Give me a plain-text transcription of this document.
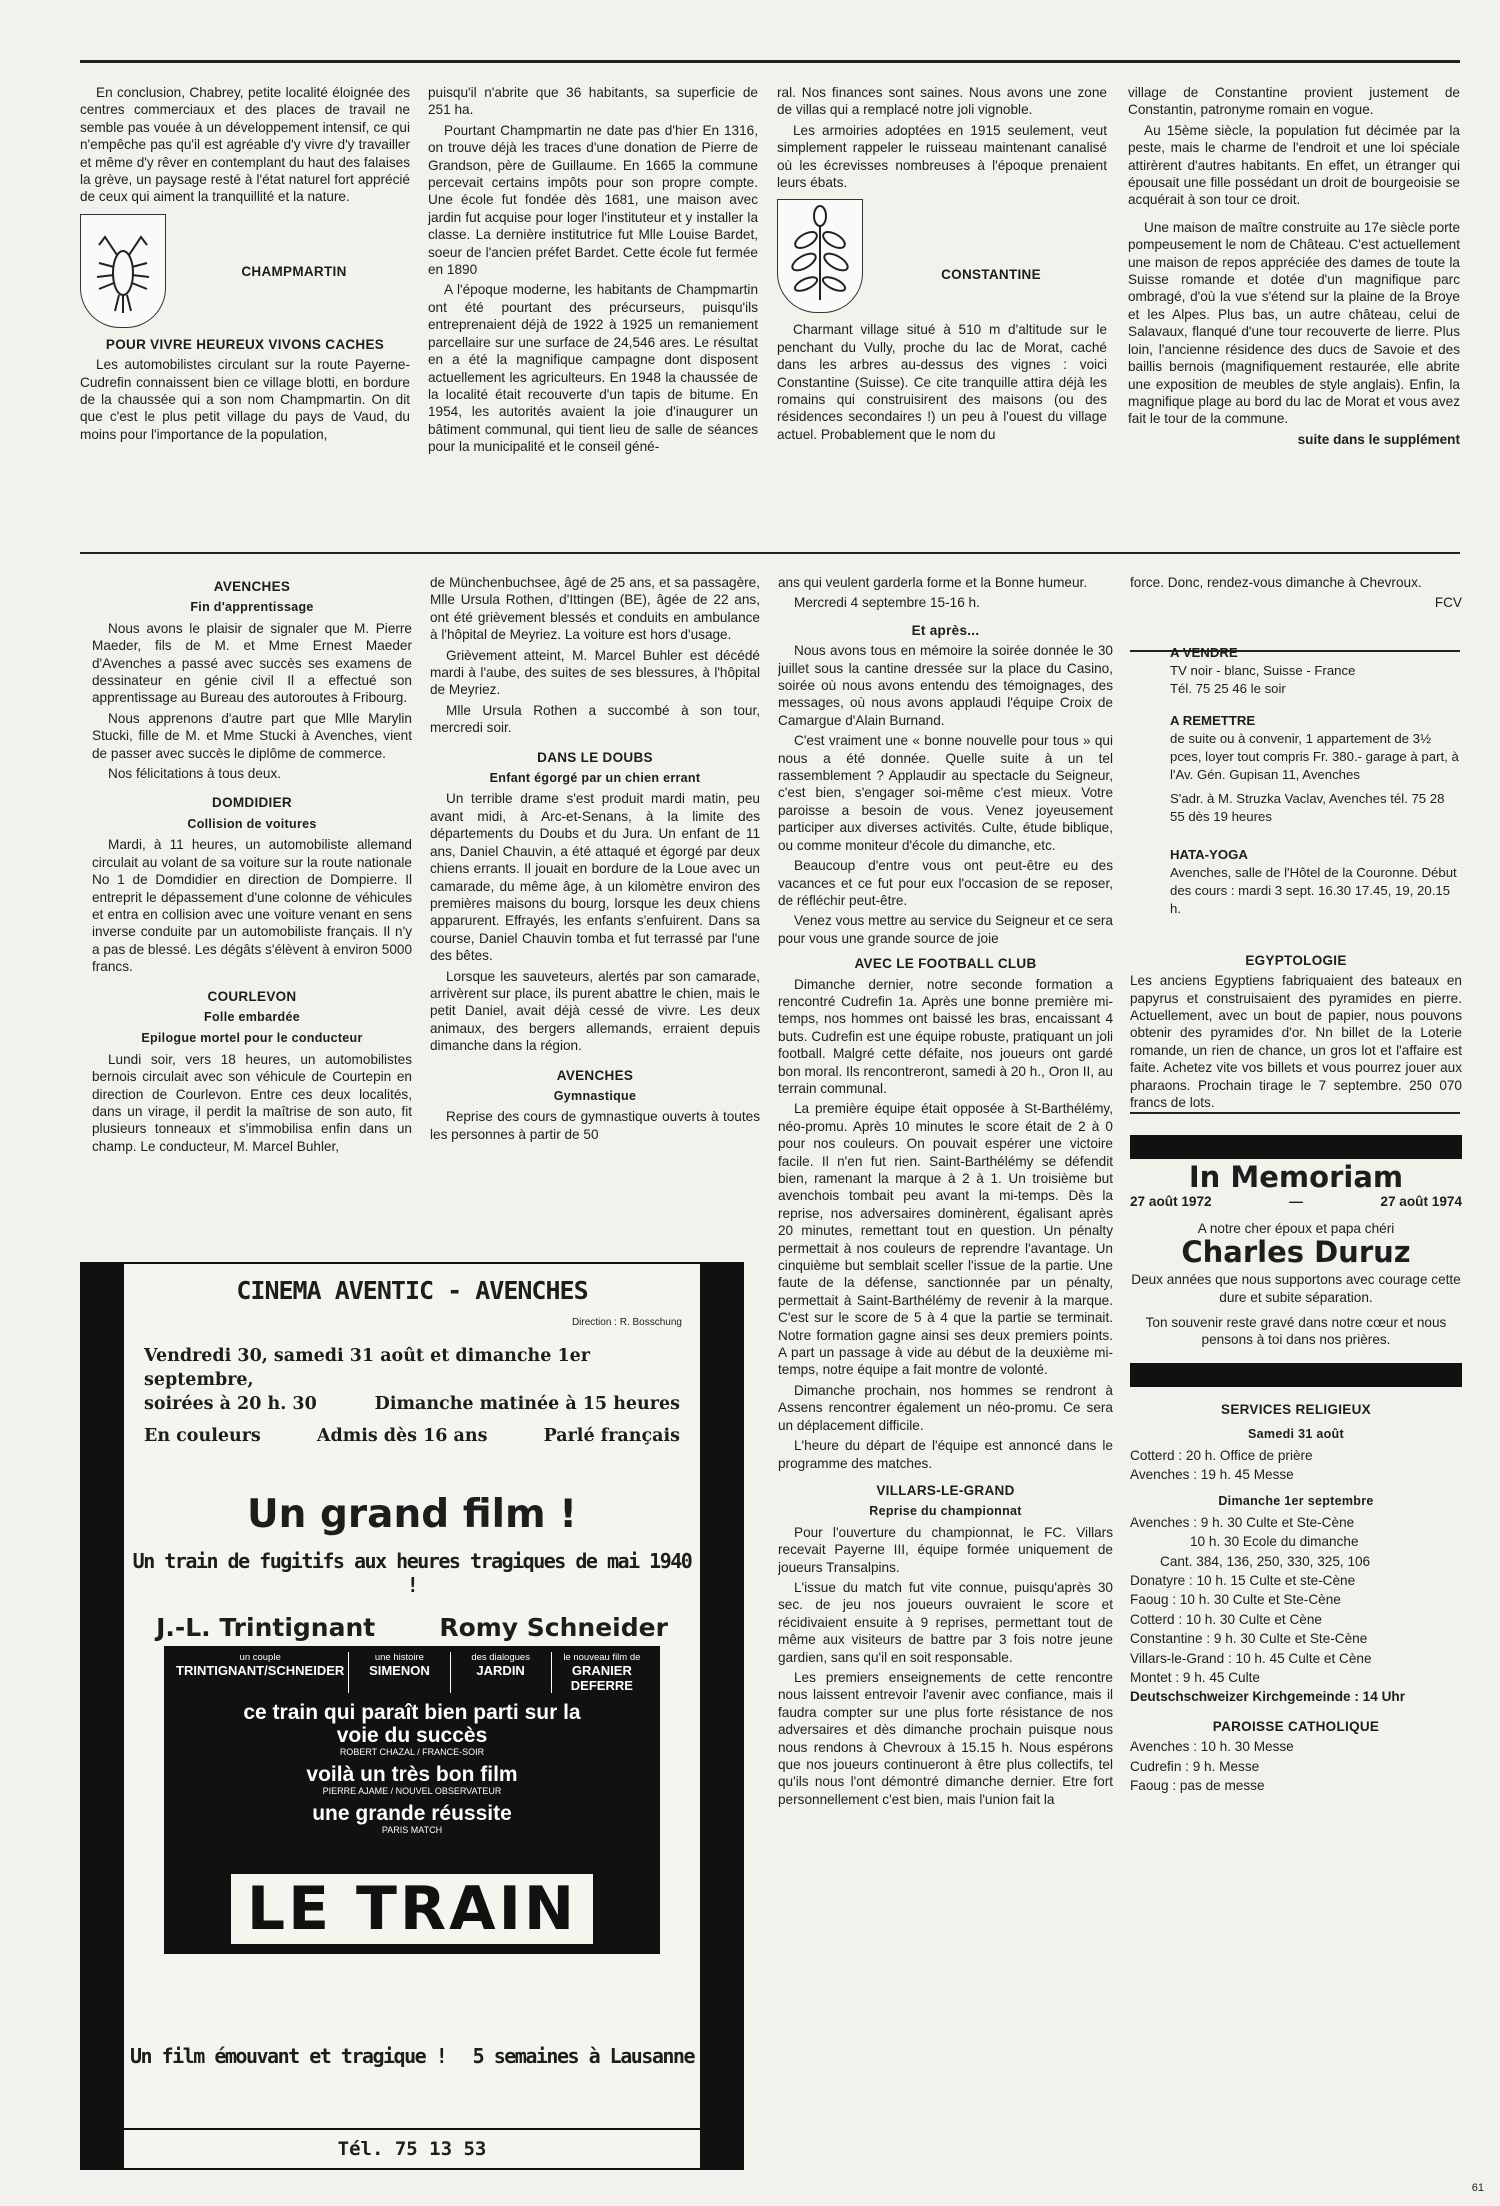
En conclusion, Chabrey, petite localité éloignée des centres commerciaux et des places de travail ne semble pas vouée à un développement intensif, ce qui n'empêche pas qu'il est agréable d'y vivre d'y travailler et même d'y rêver en contemplant du haut des falaises la grève, un paysage resté à l'état naturel fort apprécié de ceux qui aiment la tranquillité et la nature.

CHAMPMARTIN
POUR VIVRE HEUREUX VIVONS CACHES

Les automobilistes circulant sur la route Payerne-Cudrefin connaissent bien ce village blotti, en bordure de la chaussée qui a son nom Champmartin. On dit que c'est le plus petit village du pays de Vaud, du moins pour l'importance de la population,

puisqu'il n'abrite que 36 habitants, sa superficie de 251 ha.

Pourtant Champmartin ne date pas d'hier En 1316, on trouve déjà les traces d'une donation de Pierre de Grandson, père de Guillaume. En 1665 la commune percevait certains impôts pour son propre compte. Une école fut fondée dès 1681, une maison avec jardin fut acquise pour loger l'instituteur et y installer la classe. La dernière institutrice fut Mlle Louise Bardet, soeur de l'ancien préfet Bardet. Cette école fut fermée en 1890

A l'époque moderne, les habitants de Champmartin ont été pourtant des précurseurs, puisqu'ils entreprenaient déjà de 1922 à 1925 un remaniement parcellaire sur une surface de 24,546 ares. Le résultat en a été la magnifique campagne dont disposent actuellement les agriculteurs. En 1948 la chaussée de la localité était recouverte d'un tapis de bitume. En 1954, les autorités avaient la joie d'inaugurer un bâtiment communal, qui tient lieu de salle de séances pour la municipalité et le conseil géné-

ral. Nos finances sont saines. Nous avons une zone de villas qui a remplacé notre joli vignoble.

Les armoiries adoptées en 1915 seulement, veut simplement rappeler le ruisseau maintenant canalisé où les écrevisses nombreuses à l'époque prenaient leurs ébats.

CONSTANTINE

Charmant village situé à 510 m d'altitude sur le penchant du Vully, proche du lac de Morat, caché dans les arbres au-dessus des vignes : voici Constantine (Suisse). Ce cite tranquille attira déjà les romains qui construisirent des maisons (ou des résidences secondaires !) un peu à l'ouest du village actuel. Probablement que le nom du

village de Constantine provient justement de Constantin, patronyme romain en vogue.

Au 15ème siècle, la population fut décimée par la peste, mais le charme de l'endroit et une loi spéciale attirèrent d'autres habitants. En effet, un étranger qui épousait une fille possédant un droit de bourgeoisie se acquérait à son tour ce droit.

Une maison de maître construite au 17e siècle porte pompeusement le nom de Château. C'est actuellement une maison de repos appréciée des dames de toute la Suisse romande et dotée d'un magnifique parc ombragé, d'où la vue s'étend sur la plaine de la Broye et les Alpes. Plus bas, un autre château, celui de Salavaux, flanqué d'une tour recouverte de lierre. Plus loin, l'ancienne résidence des ducs de Savoie et des baillis bernois (magnifiquement restaurée, elle abrite une exposition de meubles de style anglais). Enfin, la magnifique plage au bord du lac de Morat et vous avez fait le tour de la commune.

suite dans le supplément
AVENCHES
Fin d'apprentissage

Nous avons le plaisir de signaler que M. Pierre Maeder, fils de M. et Mme Ernest Maeder d'Avenches a passé avec succès ses examens de dessinateur en génie civil Il a effectué son apprentissage au Bureau des autoroutes à Fribourg.

Nous apprenons d'autre part que Mlle Marylin Stucki, fille de M. et Mme Stucki à Avenches, vient de passer avec succès le diplôme de commerce.

Nos félicitations à tous deux.

DOMDIDIER
Collision de voitures

Mardi, à 11 heures, un automobiliste allemand circulait au volant de sa voiture sur la route nationale No 1 de Domdidier en direction de Dompierre. Il entreprit le dépassement d'une colonne de véhicules et entra en collision avec une voiture venant en sens inverse conduite par un automobiliste français. Il n'y a pas de blessé. Les dégâts s'élèvent à environ 5000 francs.

COURLEVON
Folle embardée
Epilogue mortel pour le conducteur

Lundi soir, vers 18 heures, un automobilistes bernois circulait avec son véhicule de Courtepin en direction de Courlevon. Entre ces deux localités, dans un virage, il perdit la maîtrise de son auto, fit plusieurs tonneaux et s'immobilisa enfin dans un champ. Le conducteur, M. Marcel Buhler,

de Münchenbuchsee, âgé de 25 ans, et sa passagère, Mlle Ursula Rothen, d'Ittingen (BE), âgée de 22 ans, ont été grièvement blessés et conduits en ambulance à l'hôpital de Meyriez. La voiture est hors d'usage.

Grièvement atteint, M. Marcel Buhler est décédé mardi à l'aube, des suites de ses blessures, à l'hôpital de Meyriez.

Mlle Ursula Rothen a succombé à son tour, mercredi soir.

DANS LE DOUBS
Enfant égorgé par un chien errant

Un terrible drame s'est produit mardi matin, peu avant midi, à Arc-et-Senans, à la limite des départements du Doubs et du Jura. Un enfant de 11 ans, Daniel Chauvin, a été attaqué et égorgé par deux chiens errants. Il jouait en bordure de la Loue avec un camarade, du même âge, à un kilomètre environ des premières maisons du bourg, lorsque les deux chiens apparurent. Effrayés, les enfants s'enfuirent. Dans sa course, Daniel Chauvin tomba et fut terrassé par l'une des bêtes.

Lorsque les sauveteurs, alertés par son camarade, arrivèrent sur place, ils purent abattre le chien, mais le petit Daniel, avait déjà cessé de vivre. Les deux animaux, des bergers allemands, erraient depuis dimanche dans la région.

AVENCHES
Gymnastique

Reprise des cours de gymnastique ouverts à toutes les personnes à partir de 50

ans qui veulent garderla forme et la Bonne humeur.

Mercredi 4 septembre 15-16 h.

Et après...

Nous avons tous en mémoire la soirée donnée le 30 juillet sous la cantine dressée sur la place du Casino, soirée où nous avons entendu des témoignages, des messages, où nous avons applaudi l'équipe Croix de Camargue d'Alain Burnand.

C'est vraiment une « bonne nouvelle pour tous » qui nous a été donnée. Quelle suite à un tel rassemblement ? Applaudir au spectacle du Seigneur, c'est bien, s'engager soi-même c'est mieux. Votre paroisse a besoin de vous. Venez joyeusement participer aux diverses activités. Culte, étude biblique, ou comme moniteur d'école du dimanche, etc.

Beaucoup d'entre vous ont peut-être eu des vacances et ce fut pour eux l'occasion de se reposer, de réfléchir peut-être.

Venez vous mettre au service du Seigneur et ce sera pour vous une grande source de joie

AVEC LE FOOTBALL CLUB

Dimanche dernier, notre seconde formation a rencontré Cudrefin 1a. Après une bonne première mi-temps, nos hommes ont baissé les bras, encaissant 4 buts. Cudrefin est une équipe robuste, pratiquant un joli football. Malgré cette défaite, nos joueurs ont gardé bon moral. Ils rencontreront, samedi à 20 h., Oron II, au terrain communal.

La première équipe était opposée à St-Barthélémy, néo-promu. Après 10 minutes le score était de 2 à 0 pour nos couleurs. On pouvait espérer une victoire facile. Il n'en fut rien. Saint-Barthélémy se défendit bien, ramenant la marque à 2 à 1. Un troisième but avenchois tombait peu avant la mi-temps. Dès la reprise, nos adversaires dominèrent, égalisant après 20 minutes, remettant tout en question. Un pénalty permettait à nos couleurs de reprendre l'avantage. Un cinquième but semblait sceller l'issue de la partie. Une faute de la défense, sanctionnée par un pénalty, permettait à Saint-Barthélémy de revenir à la marque. C'est sur le score de 5 à 4 que la partie se terminait. Notre formation gagne ainsi ses deux premiers points. A part un passage à vide au début de la deuxième mi-temps, notre équipe a fait montre de volonté.

Dimanche prochain, nos hommes se rendront à Assens rencontrer également un néo-promu. Ce sera un déplacement difficile.

L'heure du départ de l'équipe est annoncé dans le programme des matches.

VILLARS-LE-GRAND
Reprise du championnat

Pour l'ouverture du championnat, le FC. Villars recevait Payerne III, équipe formée uniquement de joueurs Transalpins.

L'issue du match fut vite connue, puisqu'après 30 sec. de jeu nos joueurs ouvraient le score et récidivaient ensuite à 9 reprises, permettant tout de même aux visiteurs de battre par 3 fois notre jeune gardien, sans qu'il en soit responsable.

Les premiers enseignements de cette rencontre nous laissent entrevoir l'avenir avec confiance, mais il faudra compter sur une plus forte résistance de nos adversaires et dès dimanche prochain puisque nous nous rendons à Chevroux à 15.15 h. Nous espérons que nos joueurs continueront à être plus collectifs, tel qu'ils nous l'ont démontré dimanche dernier. Etre fort personnellement c'est bien, mais l'union fait la

force. Donc, rendez-vous dimanche à Chevroux.

FCV
A VENDRE
TV noir - blanc, Suisse - France
Tél. 75 25 46 le soir
A REMETTRE
de suite ou à convenir, 1 appartement de 3½ pces, loyer tout compris Fr. 380.- garage à part, à l'Av. Gén. Gupisan 11, Avenches
S'adr. à M. Struzka Vaclav, Avenches tél. 75 28 55 dès 19 heures
HATA-YOGA
Avenches, salle de l'Hôtel de la Couronne. Début des cours : mardi 3 sept. 16.30 17.45, 19, 20.15 h.
EGYPTOLOGIE

Les anciens Egyptiens fabriquaient des bateaux en papyrus et construisaient des pyramides en pierre. Actuellement, avec un bout de papier, nous pouvons obtenir des pyramides d'or. Nn billet de la Loterie romande, un rien de chance, un gros lot et l'affaire est faite. Achetez vite vos billets et vous pourrez jouer aux pharaons. Prochain tirage le 7 septembre. 250 070 francs de lots.

In Memoriam
27 août 1972	—	27 août 1974
A notre cher époux et papa chéri
Charles Duruz
Deux années que nous supportons avec courage cette dure et subite séparation.
Ton souvenir reste gravé dans notre cœur et nous pensons à toi dans nos prières.
SERVICES RELIGIEUX
Samedi 31 août

Cotterd : 20 h. Office de prière

Avenches : 19 h. 45 Messe

Dimanche 1er septembre

Avenches : 9 h. 30 Culte et Ste-Cène

10 h. 30 Ecole du dimanche

Cant. 384, 136, 250, 330, 325, 106

Donatyre : 10 h. 15 Culte et ste-Cène

Faoug : 10 h. 30 Culte et Ste-Cène

Cotterd : 10 h. 30 Culte et Cène

Constantine : 9 h. 30 Culte et Ste-Cène

Villars-le-Grand : 10 h. 45 Culte et Cène

Montet : 9 h. 45 Culte

Deutschschweizer Kirchgemeinde : 14 Uhr

PAROISSE CATHOLIQUE

Avenches : 10 h. 30 Messe

Cudrefin : 9 h. Messe

Faoug : pas de messe

CINEMA AVENTIC - AVENCHES
Direction : R. Bosschung
Vendredi 30, samedi 31 août et dimanche 1er septembre,
soirées à 20 h. 30	Dimanche matinée à 15 heures
En couleurs	Admis dès 16 ans	Parlé français
Un grand film !
Un train de fugitifs aux heures tragiques de mai 1940 !
J.-L. Trintignant	Romy Schneider
un couple
TRINTIGNANT/SCHNEIDER
une histoire
SIMENON
des dialogues
JARDIN
le nouveau film de
GRANIER DEFERRE
ce train qui paraît bien parti sur la voie du succès
ROBERT CHAZAL / FRANCE-SOIR
voilà un très bon film
PIERRE AJAME / NOUVEL OBSERVATEUR
une grande réussite
PARIS MATCH
LE TRAIN
Un film émouvant et tragique ! 5 semaines à Lausanne
Tél. 75 13 53
61
